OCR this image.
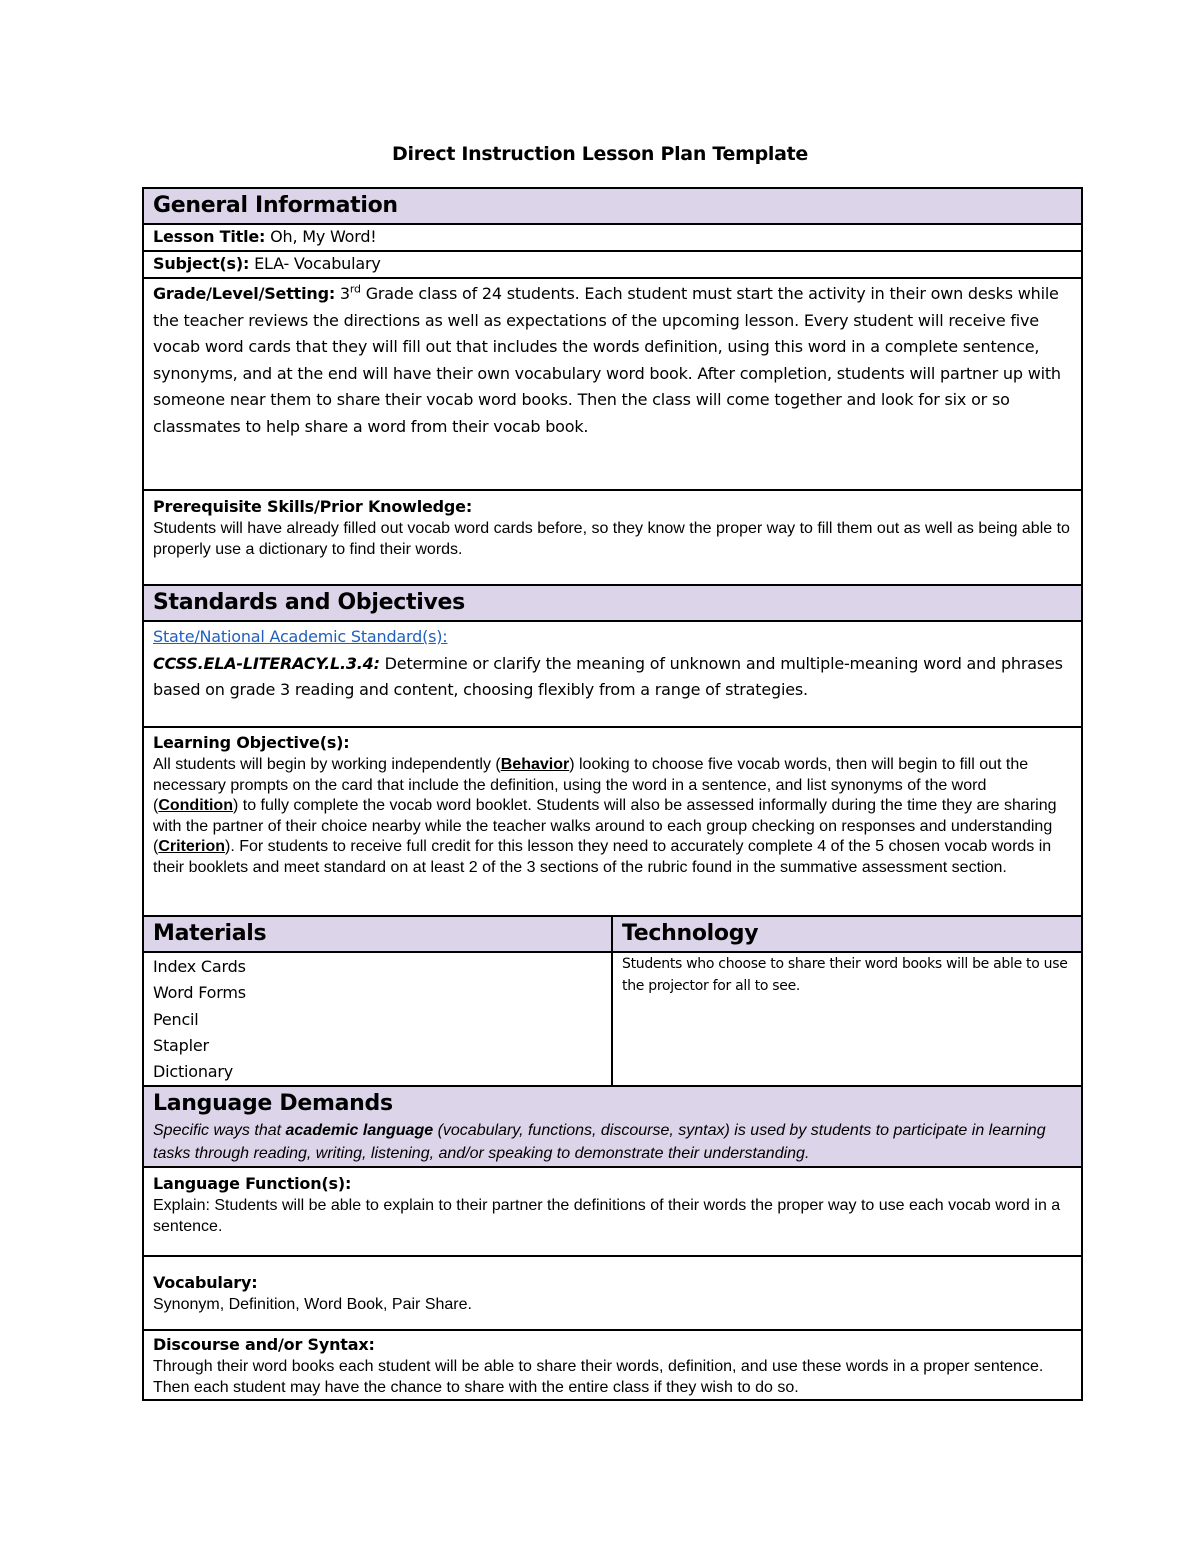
Direct Instruction Lesson Plan Template
General Information	

Lesson Title: Oh, My Word!	

Subject(s): ELA- Vocabulary	

Grade/Level/Setting: 3rd Grade class of 24 students. Each student must start the activity in their own desks while the teacher reviews the directions as well as expectations of the upcoming lesson. Every student will receive five vocab word cards that they will fill out that includes the words definition, using this word in a complete sentence, synonyms, and at the end will have their own vocabulary word book. After completion, students will partner up with someone near them to share their vocab word books. Then the class will come together and look for six or so classmates to help share a word from their vocab book.	

Prerequisite Skills/Prior Knowledge:
Students will have already filled out vocab word cards before, so they know the proper way to fill them out as well as being able to properly use a dictionary to find their words.	

Standards and Objectives	

State/National Academic Standard(s):
CCSS.ELA-LITERACY.L.3.4: Determine or clarify the meaning of unknown and multiple-meaning word and phrases based on grade 3 reading and content, choosing flexibly from a range of strategies.	

Learning Objective(s):
All students will begin by working independently (Behavior) looking to choose five vocab words, then will begin to fill out the necessary prompts on the card that include the definition, using the word in a sentence, and list synonyms of the word (Condition) to fully complete the vocab word booklet. Students will also be assessed informally during the time they are sharing with the partner of their choice nearby while the teacher walks around to each group checking on responses and understanding (Criterion). For students to receive full credit for this lesson they need to accurately complete 4 of the 5 chosen vocab words in their booklets and meet standard on at least 2 of the 3 sections of the rubric found in the summative assessment section.	

Materials	Technology

Index Cards
Word Forms
Pencil
Stapler
Dictionary	Students who choose to share their word books will be able to use the projector for all to see.

Language Demands
Specific ways that academic language (vocabulary, functions, discourse, syntax) is used by students to participate in learning tasks through reading, writing, listening, and/or speaking to demonstrate their understanding.	

Language Function(s):
Explain: Students will be able to explain to their partner the definitions of their words the proper way to use each vocab word in a sentence.	

Vocabulary:
Synonym, Definition, Word Book, Pair Share.	

Discourse and/or Syntax:
Through their word books each student will be able to share their words, definition, and use these words in a proper sentence. Then each student may have the chance to share with the entire class if they wish to do so.	
